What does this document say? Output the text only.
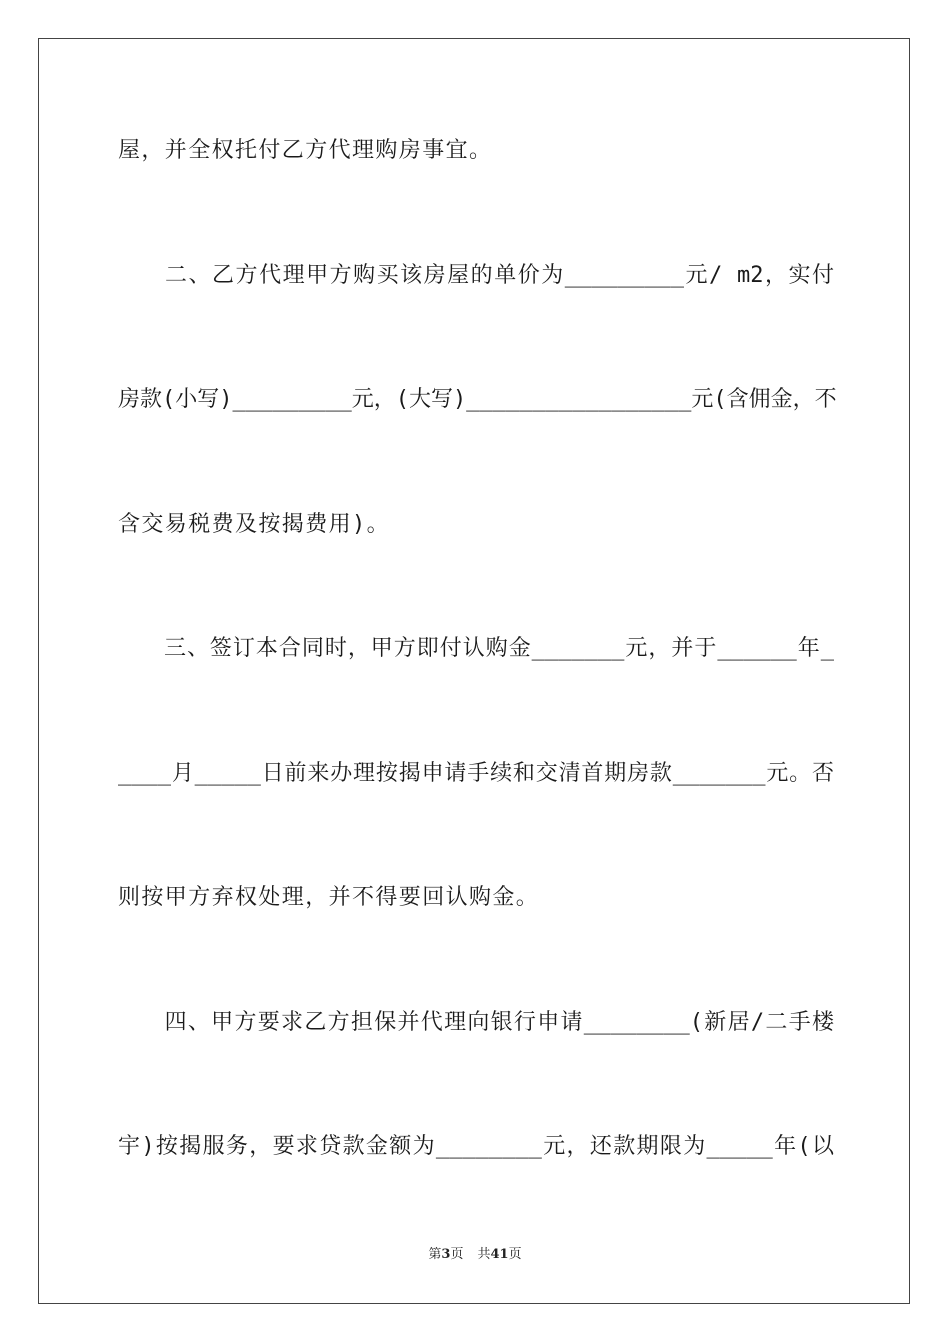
屋，并全权托付乙方代理购房事宜。
　　二、乙方代理甲方购买该房屋的单价为_________元/ m2，实付
房款(小写)_________元，(大写)_________________元(含佣金，不
含交易税费及按揭费用)。
　　三、签订本合同时，甲方即付认购金_______元，并于______年_
____月_____日前来办理按揭申请手续和交清首期房款_______元。否
则按甲方弃权处理，并不得要回认购金。
　　四、甲方要求乙方担保并代理向银行申请________(新居/二手楼
宇)按揭服务，要求贷款金额为________元，还款期限为_____年(以
第3页 共41页
